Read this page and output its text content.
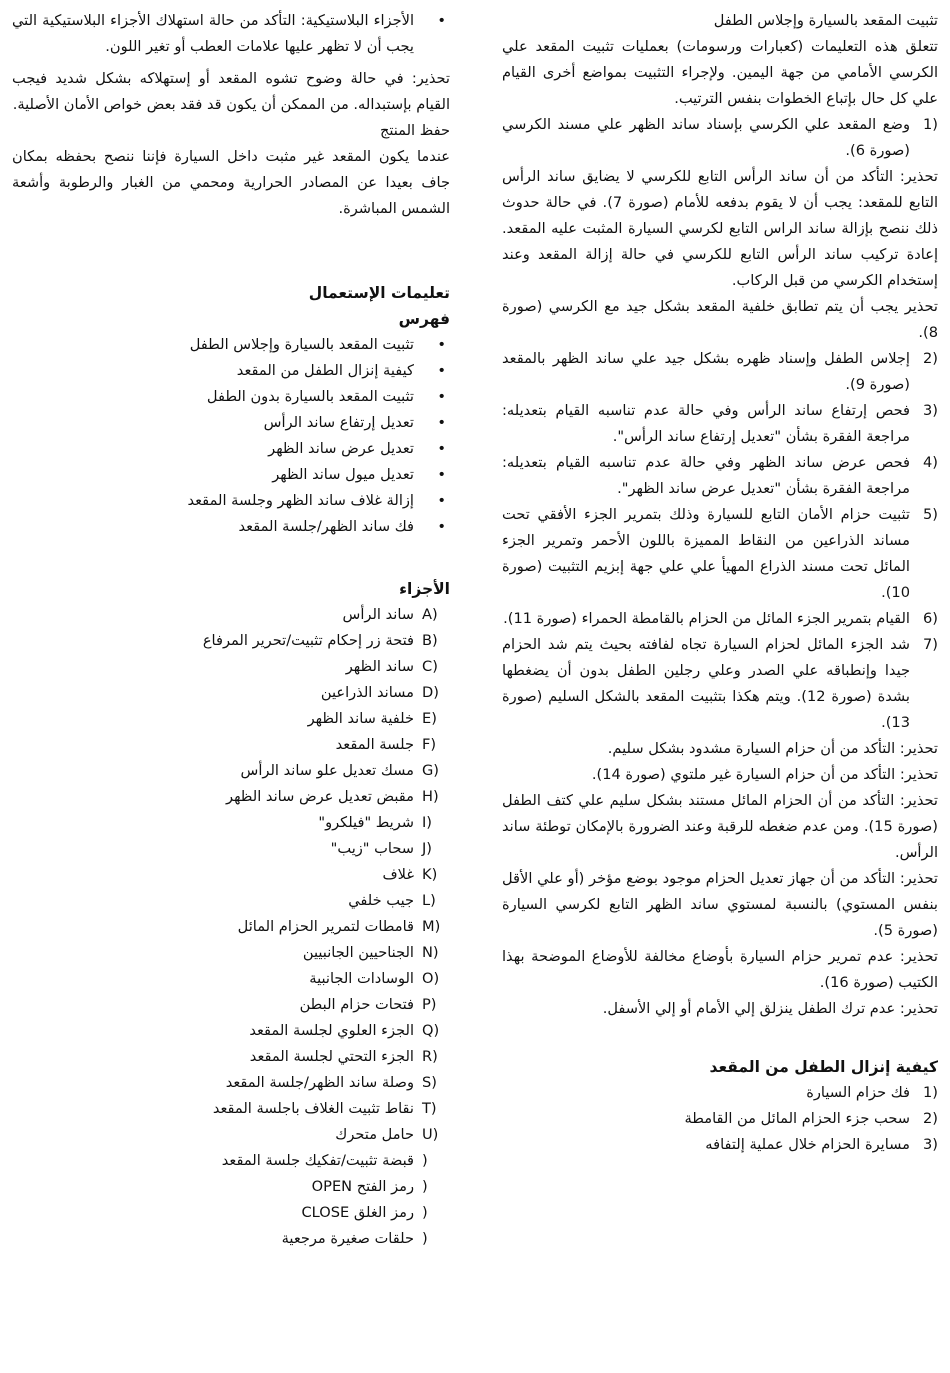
تثبيت المقعد بالسيارة وإجلاس الطفل

تتعلق هذه التعليمات (كعبارات ورسومات) بعمليات تثبيت المقعد علي الكرسي الأمامي من جهة اليمين. ولإجراء التثبيت بمواضع أخرى القيام علي كل حال بإتباع الخطوات بنفس الترتيب.

1)
وضع المقعد علي الكرسي بإسناد ساند الظهر علي مسند الكرسي (صورة 6).

تحذير: التأكد من أن ساند الرأس التابع للكرسي لا يضايق ساند الرأس التابع للمقعد: يجب أن لا يقوم بدفعه للأمام (صورة 7). في حالة حدوث ذلك ننصح بإزالة ساند الراس التابع لكرسي السيارة المثبت عليه المقعد. إعادة تركيب ساند الرأس التابع للكرسي في حالة إزالة المقعد وعند إستخدام الكرسي من قبل الركاب.

تحذير يجب أن يتم تطابق خلفية المقعد بشكل جيد مع الكرسي (صورة 8).

2)
إجلاس الطفل وإسناد ظهره بشكل جيد علي ساند الظهر بالمقعد (صورة 9).
3)
فحص إرتفاع ساند الرأس وفي حالة عدم تناسبه القيام بتعديله: مراجعة الفقرة بشأن "تعديل إرتفاع ساند الرأس".
4)
فحص عرض ساند الظهر وفي حالة عدم تناسبه القيام بتعديله: مراجعة الفقرة بشأن "تعديل عرض ساند الظهر".
5)
تثبيت حزام الأمان التابع للسيارة وذلك بتمرير الجزء الأفقي تحت مساند الذراعين من النقاط المميزة باللون الأحمر وتمرير الجزء المائل تحت مسند الذراع المهيأ علي علي جهة إبزيم التثبيت (صورة 10).
6)
القيام بتمرير الجزء المائل من الحزام بالقامطة الحمراء (صورة 11).
7)
شد الجزء المائل لحزام السيارة تجاه لفافته بحيث يتم شد الحزام جيدا وإنطباقه علي الصدر وعلي رجلين الطفل بدون أن يضغطها بشدة (صورة 12). ويتم هكذا بتثبيت المقعد بالشكل السليم (صورة 13).

تحذير: التأكد من أن حزام السيارة مشدود بشكل سليم.

تحذير: التأكد من أن حزام السيارة غير ملتوي (صورة 14).

تحذير: التأكد من أن الحزام المائل مستند بشكل سليم علي كتف الطفل (صورة 15). ومن عدم ضغطه للرقبة وعند الضرورة بالإمكان توطئة ساند الرأس.

تحذير: التأكد من أن جهاز تعديل الحزام موجود بوضع مؤخر (أو علي الأقل بنفس المستوي) بالنسبة لمستوي ساند الظهر التابع لكرسي السيارة (صورة 5).

تحذير: عدم تمرير حزام السيارة بأوضاع مخالفة للأوضاع الموضحة بهذا الكتيب (صورة 16).

تحذير: عدم ترك الطفل ينزلق إلي الأمام أو إلي الأسفل.

كيفية إنزال الطفل من المقعد

1)
فك حزام السيارة
2)
سحب جزء الحزام المائل من القامطة
3)
مسايرة الحزام خلال عملية إلتفافه
• الأجزاء البلاستيكية: التأكد من حالة استهلاك الأجزاء البلاستيكية التي يجب أن لا تظهر عليها علامات العطب أو تغير اللون.

تحذير: في حالة وضوح تشوه المقعد أو إستهلاكه بشكل شديد فيجب القيام بإستبداله. من الممكن أن يكون قد فقد بعض خواص الأمان الأصلية.

حفظ المنتج

عندما يكون المقعد غير مثبت داخل السيارة فإننا ننصح بحفظه بمكان جاف بعيدا عن المصادر الحرارية ومحمي من الغبار والرطوبة وأشعة الشمس المباشرة.

تعليمات الإستعمال

فهرس

• تثبيت المقعد بالسيارة وإجلاس الطفل
• كيفية إنزال الطفل من المقعد
• تثبيت المقعد بالسيارة بدون الطفل
• تعديل إرتفاع ساند الرأس
• تعديل عرض ساند الظهر
• تعديل ميول ساند الظهر
• إزالة غلاف ساند الظهر وجلسة المقعد
• فك ساند الظهر/جلسة المقعد

الأجزاء

A)
ساند الرأس
B)
فتحة زر إحكام تثبيت/تحرير المرفاع
C)
ساند الظهر
D)
مساند الذراعين
E)
خلفية ساند الظهر
F)
جلسة المقعد
G)
مسك تعديل علو ساند الرأس
H)
مقبض تعديل عرض ساند الظهر
I)
شريط "فيلكرو"
J)
سحاب "زيب"
K)
غلاف
L)
جيب خلفي
M)
قامطات لتمرير الحزام المائل
N)
الجناحيين الجانبيين
O)
الوسادات الجانبية
P)
فتحات حزام البطن
Q)
الجزء العلوي لجلسة المقعد
R)
الجزء التحتي لجلسة المقعد
S)
وصلة ساند الظهر/جلسة المقعد
T)
نقاط تثبيت الغلاف باجلسة المقعد
U)
حامل متحرك
)
قبضة تثبيت/تفكيك جلسة المقعد
)
رمز الفتح OPEN
)
رمز الغلق CLOSE
)
حلقات صغيرة مرجعية
